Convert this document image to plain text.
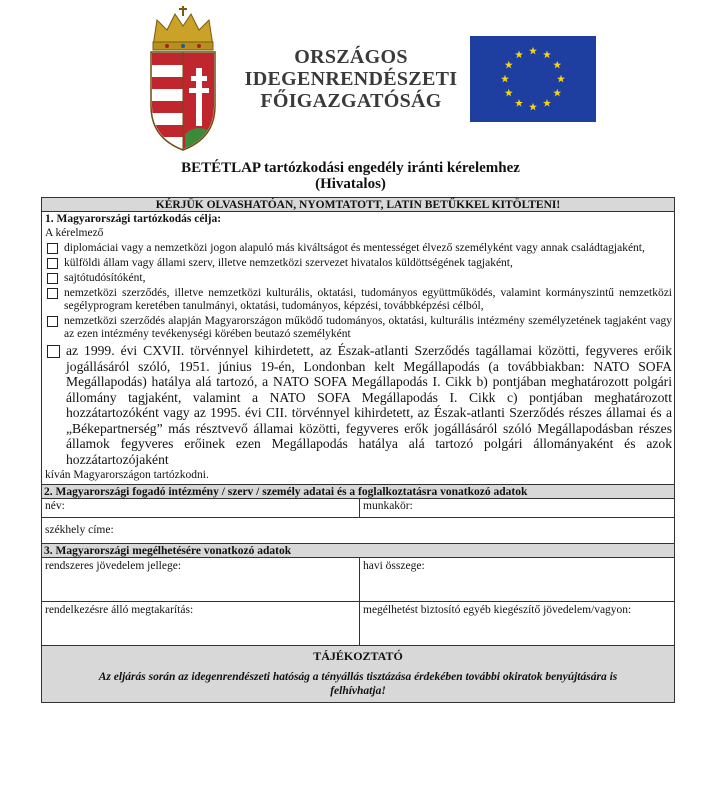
ORSZÁGOS
IDEGENRENDÉSZETI
FŐIGAZGATÓSÁG
BETÉTLAP tartózkodási engedély iránti kérelemhez
(Hivatalos)
KÉRJÜK OLVASHATÓAN, NYOMTATOTT, LATIN BETŰKKEL KITÖLTENI!
1. Magyarországi tartózkodás célja:
A kérelmező
diplomáciai vagy a nemzetközi jogon alapuló más kiváltságot és mentességet élvező személyként vagy annak családtagjaként,
külföldi állam vagy állami szerv, illetve nemzetközi szervezet hivatalos küldöttségének tagjaként,
sajtótudósítóként,
nemzetközi szerződés, illetve nemzetközi kulturális, oktatási, tudományos együttműködés, valamint kormányszintű nemzetközi segélyprogram keretében tanulmányi, oktatási, tudományos, képzési, továbbképzési célból,
nemzetközi szerződés alapján Magyarországon működő tudományos, oktatási, kulturális intézmény személyzetének tagjaként vagy az ezen intézmény tevékenységi körében beutazó személyként
az 1999. évi CXVII. törvénnyel kihirdetett, az Észak-atlanti Szerződés tagállamai közötti, fegyveres erőik jogállásáról szóló, 1951. június 19-én, Londonban kelt Megállapodás (a továbbiakban: NATO SOFA Megállapodás) hatálya alá tartozó, a NATO SOFA Megállapodás I. Cikk b) pontjában meghatározott polgári állomány tagjaként, valamint a NATO SOFA Megállapodás I. Cikk c) pontjában meghatározott hozzátartozóként vagy az 1995. évi CII. törvénnyel kihirdetett, az Észak-atlanti Szerződés részes államai és a „Békepartnerség” más résztvevő államai közötti, fegyveres erők jogállásáról szóló Megállapodásban részes államok fegyveres erőinek ezen Megállapodás hatálya alá tartozó polgári állományaként és azok hozzátartozójaként
kíván Magyarországon tartózkodni.
2. Magyarországi fogadó intézmény / szerv / személy adatai és a foglalkoztatásra vonatkozó adatok
név:	munkakör:
székhely címe:
3. Magyarországi megélhetésére vonatkozó adatok
rendszeres jövedelem jellege:	havi összege:
rendelkezésre álló megtakarítás:	megélhetést biztosító egyéb kiegészítő jövedelem/vagyon:
TÁJÉKOZTATÓ
Az eljárás során az idegenrendészeti hatóság a tényállás tisztázása érdekében további okiratok benyújtására is
felhívhatja!
